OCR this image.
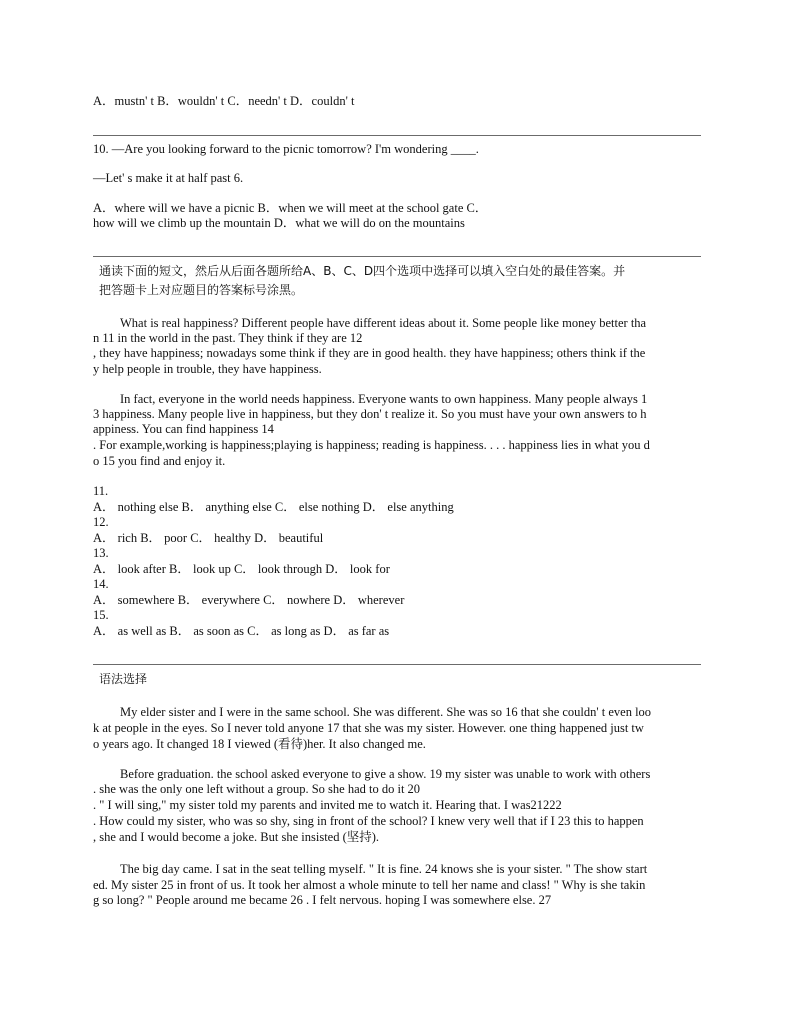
A．mustn' t B．wouldn' t C．needn' t D．couldn' t
10. —Are you looking forward to the picnic tomorrow? I'm wondering ____.
—Let' s make it at half past 6.
A．where will we have a picnic B．when we will meet at the school gate C．
how will we climb up the mountain D．what we will do on the mountains
通读下面的短文，然后从后面各题所给A、B、C、D四个选项中选择可以填入空白处的最佳答案。并
把答题卡上对应题目的答案标号涂黑。
What is real happiness? Different people have different ideas about it. Some people like money better tha
n 11 in the world in the past. They think if they are 12
, they have happiness; nowadays some think if they are in good health. they have happiness; others think if the
y help people in trouble, they have happiness.
In fact, everyone in the world needs happiness. Everyone wants to own happiness. Many people always 1
3 happiness. Many people live in happiness, but they don' t realize it. So you must have your own answers to h
appiness. You can find happiness 14
. For example,working is happiness;playing is happiness; reading is happiness. . . . happiness lies in what you d
o 15 you find and enjoy it.
11.
A． nothing else B． anything else C． else nothing D． else anything
12.
A． rich B． poor C． healthy D． beautiful
13.
A． look after B． look up C． look through D． look for
14.
A． somewhere B． everywhere C． nowhere D． wherever
15.
A． as well as B． as soon as C． as long as D． as far as
语法选择
My elder sister and I were in the same school. She was different. She was so 16 that she couldn' t even loo
k at people in the eyes. So I never told anyone 17 that she was my sister. However. one thing happened just tw
o years ago. It changed 18 I viewed (看待)her. It also changed me.
Before graduation. the school asked everyone to give a show. 19 my sister was unable to work with others
. she was the only one left without a group. So she had to do it 20
. " I will sing," my sister told my parents and invited me to watch it. Hearing that. I was21222
. How could my sister, who was so shy, sing in front of the school? I knew very well that if I 23 this to happen
, she and I would become a joke. But she insisted (坚持).
The big day came. I sat in the seat telling myself. " It is fine. 24 knows she is your sister. " The show start
ed. My sister 25 in front of us. It took her almost a whole minute to tell her name and class! " Why is she takin
g so long? " People around me became 26 . I felt nervous. hoping I was somewhere else. 27
